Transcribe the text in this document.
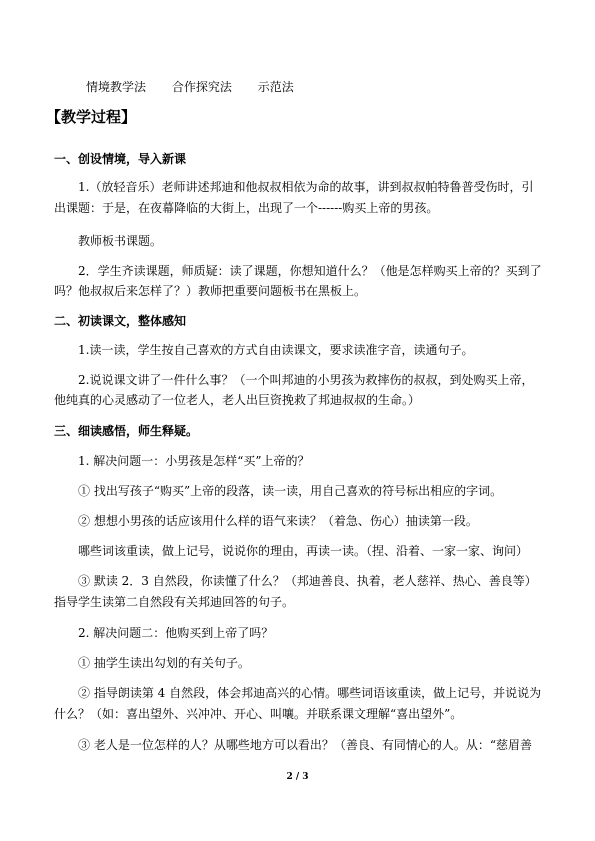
情境教学法 合作探究法 示范法
【教学过程】
一、创设情境，导入新课
1.（放轻音乐）老师讲述邦迪和他叔叔相依为命的故事，讲到叔叔帕特鲁普受伤时，引
出课题：于是，在夜幕降临的大街上，出现了一个------购买上帝的男孩。
教师板书课题。
2．学生齐读课题，师质疑：读了课题，你想知道什么？（他是怎样购买上帝的？买到了
吗？他叔叔后来怎样了？）教师把重要问题板书在黑板上。
二、初读课文，整体感知
1.读一读，学生按自己喜欢的方式自由读课文，要求读准字音，读通句子。
2.说说课文讲了一件什么事？（一个叫邦迪的小男孩为救摔伤的叔叔，到处购买上帝，
他纯真的心灵感动了一位老人，老人出巨资挽救了邦迪叔叔的生命。）
三、细读感悟，师生释疑。
1. 解决问题一：小男孩是怎样“买”上帝的？
① 找出写孩子“购买”上帝的段落，读一读，用自己喜欢的符号标出相应的字词。
② 想想小男孩的话应该用什么样的语气来读？（着急、伤心）抽读第一段。
哪些词该重读，做上记号，说说你的理由，再读一读。（捏、沿着、一家一家、询问）
③ 默读 2．3 自然段，你读懂了什么？（邦迪善良、执着，老人慈祥、热心、善良等）
指导学生读第二自然段有关邦迪回答的句子。
2. 解决问题二：他购买到上帝了吗？
① 抽学生读出勾划的有关句子。
② 指导朗读第 4 自然段，体会邦迪高兴的心情。哪些词语该重读，做上记号，并说说为
什么？（如：喜出望外、兴冲冲、开心、叫嚷。并联系课文理解“喜出望外”。
③ 老人是一位怎样的人？从哪些地方可以看出？（善良、有同情心的人。从：“慈眉善
2 / 3
